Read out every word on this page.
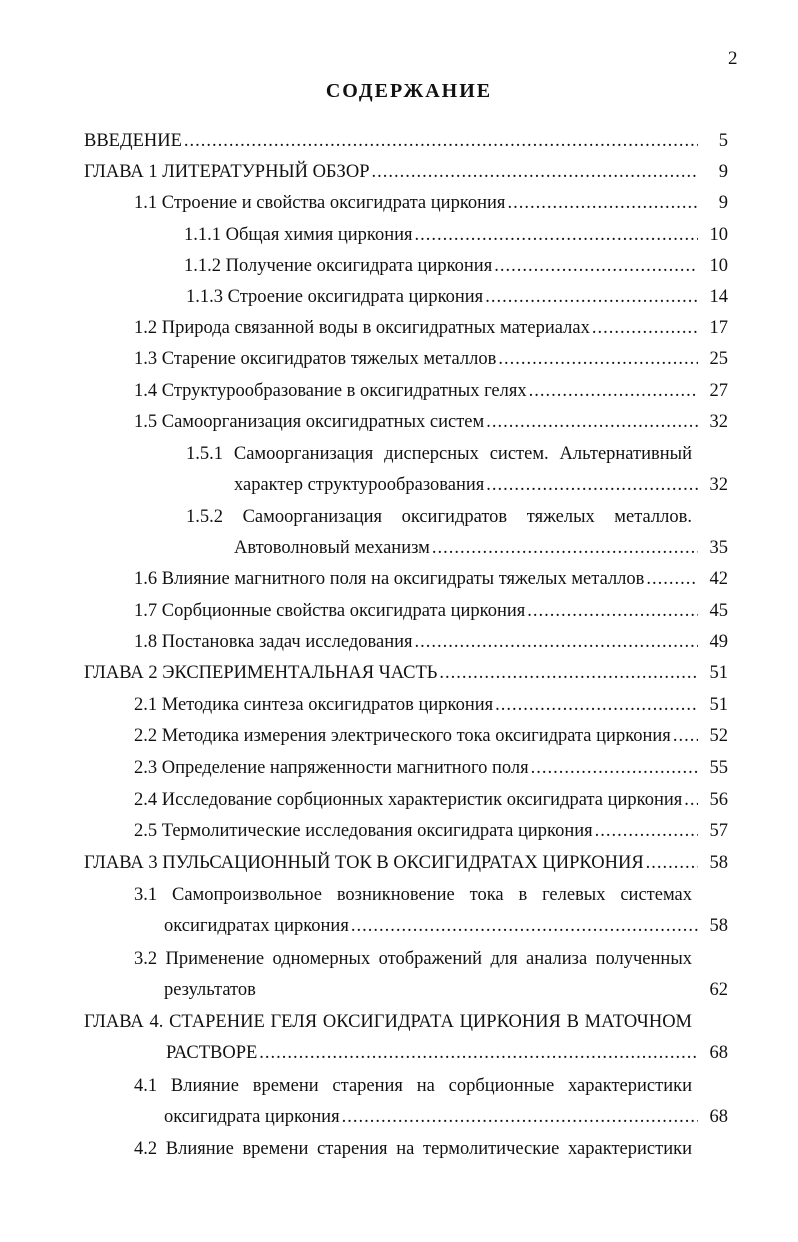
2
СОДЕРЖАНИЕ
ВВЕДЕНИЕ .....	5
ГЛАВА 1 ЛИТЕРАТУРНЫЙ ОБЗОР .....	9
1.1 Строение и свойства оксигидрата циркония .....	9
1.1.1 Общая химия циркония .....	10
1.1.2 Получение оксигидрата циркония .....	10
1.1.3 Строение оксигидрата циркония .....	14
1.2 Природа связанной воды в оксигидратных материалах .....	17
1.3 Старение оксигидратов тяжелых металлов .....	25
1.4 Структурообразование в оксигидратных гелях .....	27
1.5 Самоорганизация оксигидратных систем .....	32
1.5.1 Самоорганизация дисперсных систем. Альтернативный
характер структурообразования .....	32
1.5.2 Самоорганизация оксигидратов тяжелых металлов.
Автоволновый механизм .....	35
1.6 Влияние магнитного поля на оксигидраты тяжелых металлов .....	42
1.7 Сорбционные свойства оксигидрата циркония .....	45
1.8 Постановка задач исследования .....	49
ГЛАВА 2 ЭКСПЕРИМЕНТАЛЬНАЯ ЧАСТЬ .....	51
2.1 Методика синтеза оксигидратов циркония .....	51
2.2 Методика измерения электрического тока оксигидрата циркония .....	52
2.3 Определение напряженности магнитного поля .....	55
2.4 Исследование сорбционных характеристик оксигидрата циркония .....	56
2.5 Термолитические исследования оксигидрата циркония .....	57
ГЛАВА 3 ПУЛЬСАЦИОННЫЙ ТОК В ОКСИГИДРАТАХ ЦИРКОНИЯ .....	58
3.1 Самопроизвольное возникновение тока в гелевых системах
оксигидратах циркония .....	58
3.2 Применение одномерных отображений для анализа полученных
результатов	62
ГЛАВА 4. СТАРЕНИЕ ГЕЛЯ ОКСИГИДРАТА ЦИРКОНИЯ В МАТОЧНОМ
РАСТВОРЕ .....	68
4.1 Влияние времени старения на сорбционные характеристики
оксигидрата циркония .....	68
4.2 Влияние времени старения на термолитические характеристики
